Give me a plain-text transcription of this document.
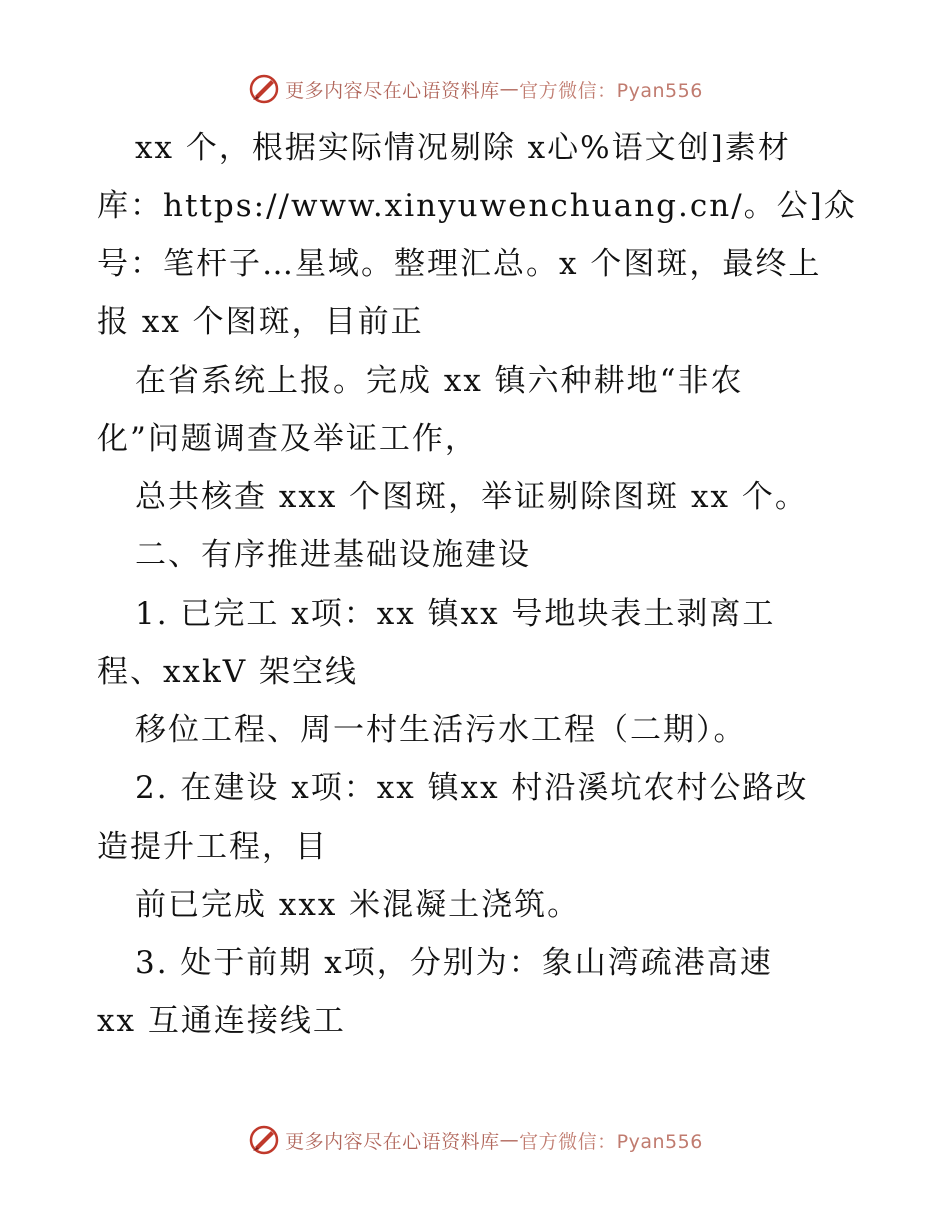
更多内容尽在心语资料库 — 官方微信：Pyan556
xx 个，根据实际情况剔除 x心%语文创]素材
库：https://www.xinyuwenchuang.cn/。公]众
号：笔杆子…星域。整理汇总。x 个图斑，最终上
报 xx 个图斑，目前正
在省系统上报。完成 xx 镇六种耕地“非农
化”问题调查及举证工作，
总共核查 xxx 个图斑，举证剔除图斑 xx 个。
二、有序推进基础设施建设
1. 已完工 x项：xx 镇xx 号地块表土剥离工
程、xxkV 架空线
移位工程、周一村生活污水工程（二期）。
2. 在建设 x项：xx 镇xx 村沿溪坑农村公路改
造提升工程，目
前已完成 xxx 米混凝土浇筑。
3. 处于前期 x项，分别为：象山湾疏港高速
xx 互通连接线工
更多内容尽在心语资料库 — 官方微信：Pyan556
